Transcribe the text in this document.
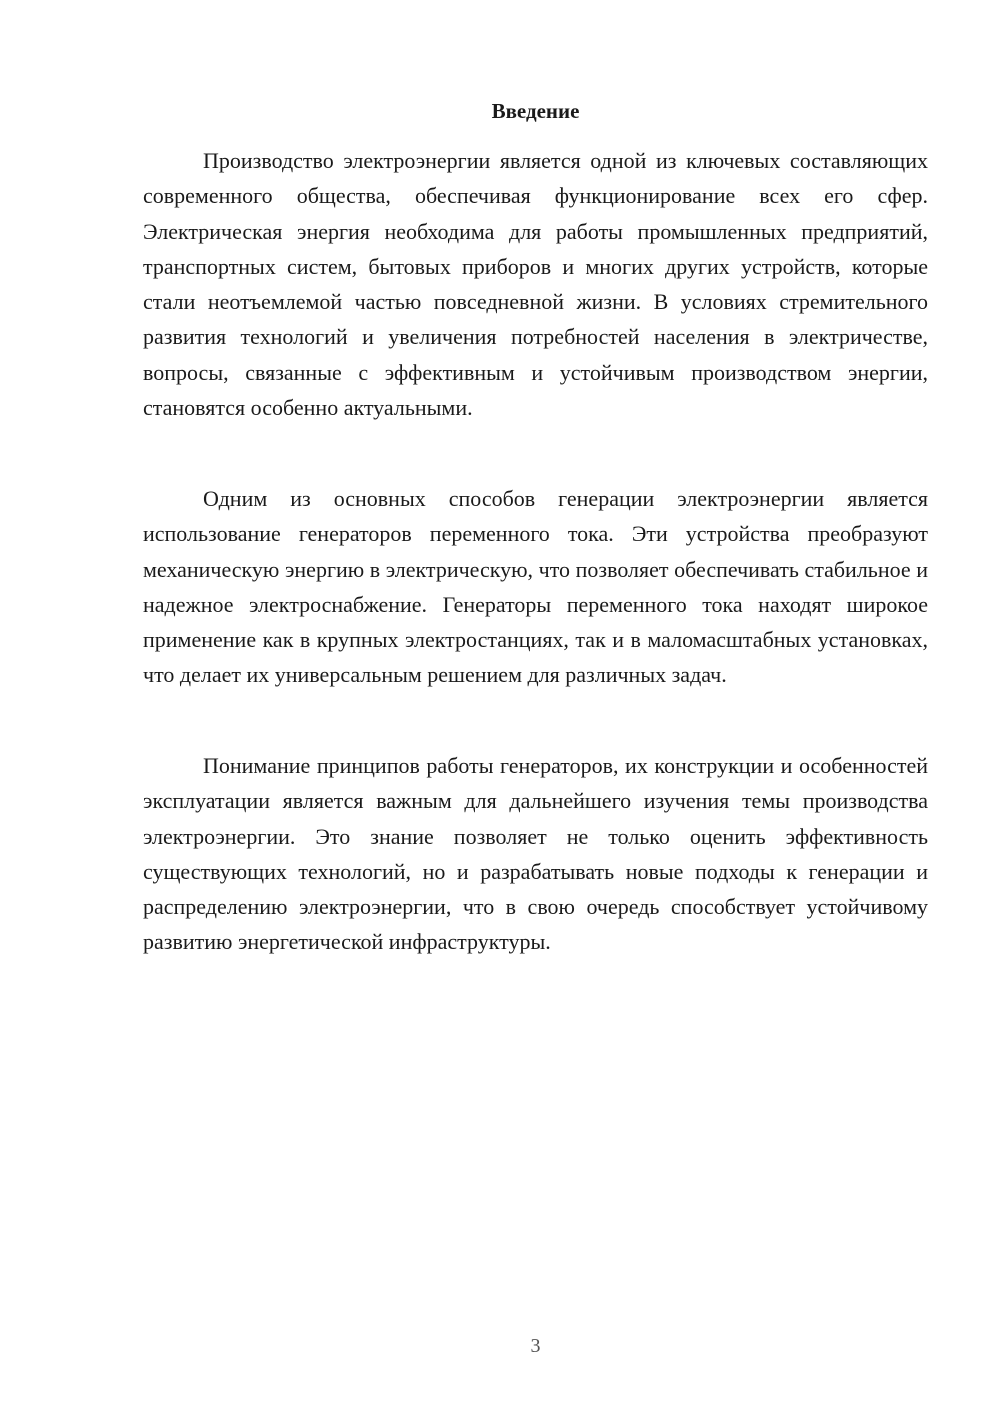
Введение

Производство электроэнергии является одной из ключевых составляющих современного общества, обеспечивая функционирование всех его сфер. Электрическая энергия необходима для работы промышленных предприятий, транспортных систем, бытовых приборов и многих других устройств, которые стали неотъемлемой частью повседневной жизни. В условиях стремительного развития технологий и увеличения потребностей населения в электричестве, вопросы, связанные с эффективным и устойчивым производством энергии, становятся особенно актуальными.

Одним из основных способов генерации электроэнергии является использование генераторов переменного тока. Эти устройства преобразуют механическую энергию в электрическую, что позволяет обеспечивать стабильное и надежное электроснабжение. Генераторы переменного тока находят широкое применение как в крупных электростанциях, так и в маломасштабных установках, что делает их универсальным решением для различных задач.

Понимание принципов работы генераторов, их конструкции и особенностей эксплуатации является важным для дальнейшего изучения темы производства электроэнергии. Это знание позволяет не только оценить эффективность существующих технологий, но и разрабатывать новые подходы к генерации и распределению электроэнергии, что в свою очередь способствует устойчивому развитию энергетической инфраструктуры.

3
